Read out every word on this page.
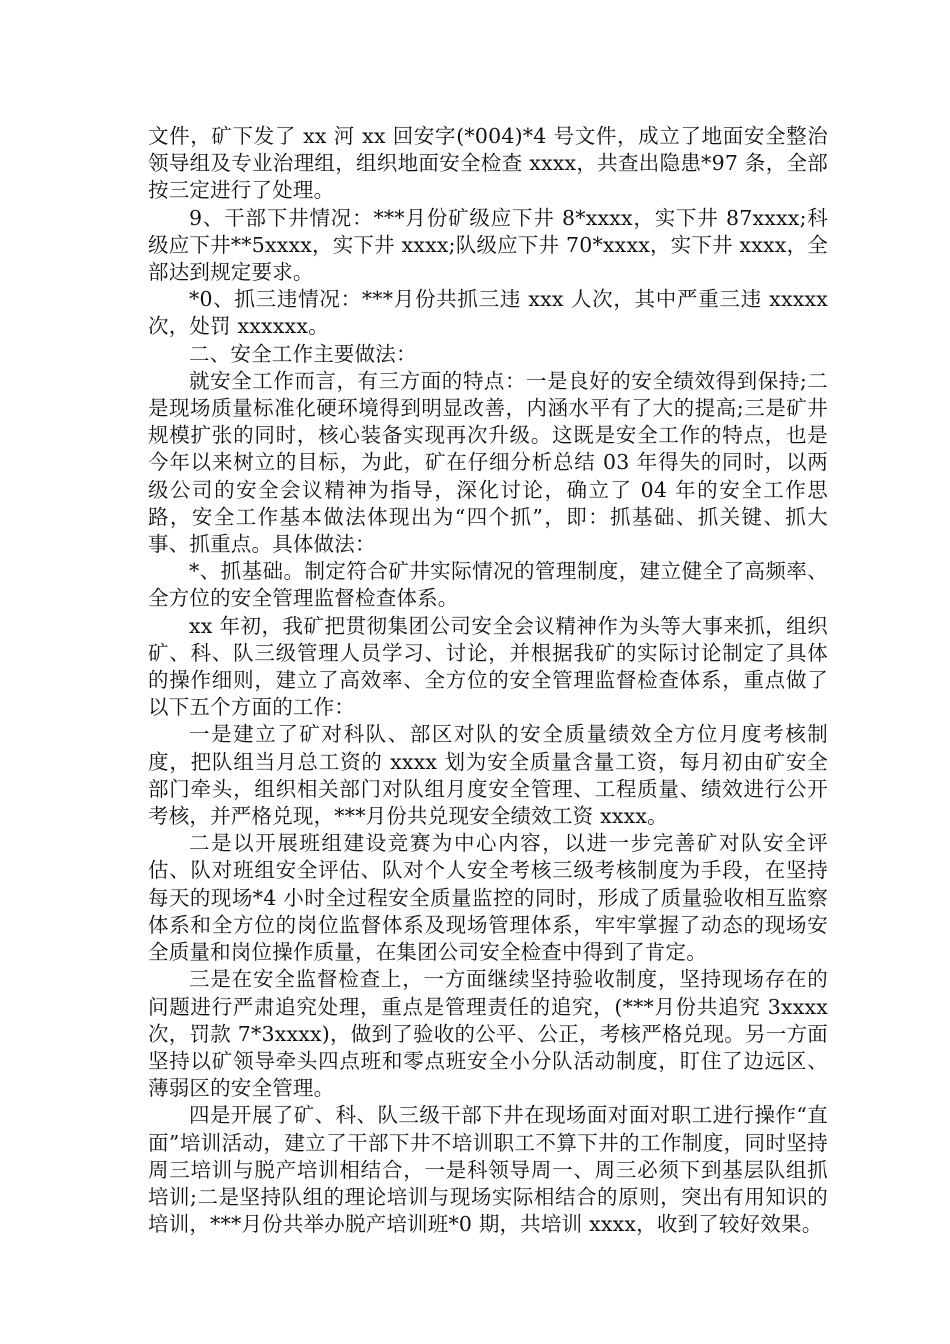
文件，矿下发了 xx 河 xx 回安字(*004)*4 号文件，成立了地面安全整治领导组及专业治理组，组织地面安全检查 xxxx，共查出隐患*97 条，全部按三定进行了处理。

9、干部下井情况：***月份矿级应下井 8*xxxx，实下井 87xxxx;科级应下井**5xxxx，实下井 xxxx;队级应下井 70*xxxx，实下井 xxxx，全部达到规定要求。

*0、抓三违情况：***月份共抓三违 xxx 人次，其中严重三违 xxxxx 次，处罚 xxxxxx。

二、安全工作主要做法：

就安全工作而言，有三方面的特点：一是良好的安全绩效得到保持;二是现场质量标准化硬环境得到明显改善，内涵水平有了大的提高;三是矿井规模扩张的同时，核心装备实现再次升级。这既是安全工作的特点，也是今年以来树立的目标，为此，矿在仔细分析总结 03 年得失的同时，以两级公司的安全会议精神为指导，深化讨论，确立了 04 年的安全工作思路，安全工作基本做法体现出为“四个抓”，即：抓基础、抓关键、抓大事、抓重点。具体做法：

*、抓基础。制定符合矿井实际情况的管理制度，建立健全了高频率、全方位的安全管理监督检查体系。

xx 年初，我矿把贯彻集团公司安全会议精神作为头等大事来抓，组织矿、科、队三级管理人员学习、讨论，并根据我矿的实际讨论制定了具体的操作细则，建立了高效率、全方位的安全管理监督检查体系，重点做了以下五个方面的工作：

一是建立了矿对科队、部区对队的安全质量绩效全方位月度考核制度，把队组当月总工资的 xxxx 划为安全质量含量工资，每月初由矿安全部门牵头，组织相关部门对队组月度安全管理、工程质量、绩效进行公开考核，并严格兑现，***月份共兑现安全绩效工资 xxxx。

二是以开展班组建设竞赛为中心内容，以进一步完善矿对队安全评估、队对班组安全评估、队对个人安全考核三级考核制度为手段，在坚持每天的现场*4 小时全过程安全质量监控的同时，形成了质量验收相互监察体系和全方位的岗位监督体系及现场管理体系，牢牢掌握了动态的现场安全质量和岗位操作质量，在集团公司安全检查中得到了肯定。

三是在安全监督检查上，一方面继续坚持验收制度，坚持现场存在的问题进行严肃追究处理，重点是管理责任的追究，(***月份共追究 3xxxx 次，罚款 7*3xxxx)，做到了验收的公平、公正，考核严格兑现。另一方面坚持以矿领导牵头四点班和零点班安全小分队活动制度，盯住了边远区、薄弱区的安全管理。

四是开展了矿、科、队三级干部下井在现场面对面对职工进行操作“直面”培训活动，建立了干部下井不培训职工不算下井的工作制度，同时坚持周三培训与脱产培训相结合，一是科领导周一、周三必须下到基层队组抓培训;二是坚持队组的理论培训与现场实际相结合的原则，突出有用知识的培训，***月份共举办脱产培训班*0 期，共培训 xxxx，收到了较好效果。
